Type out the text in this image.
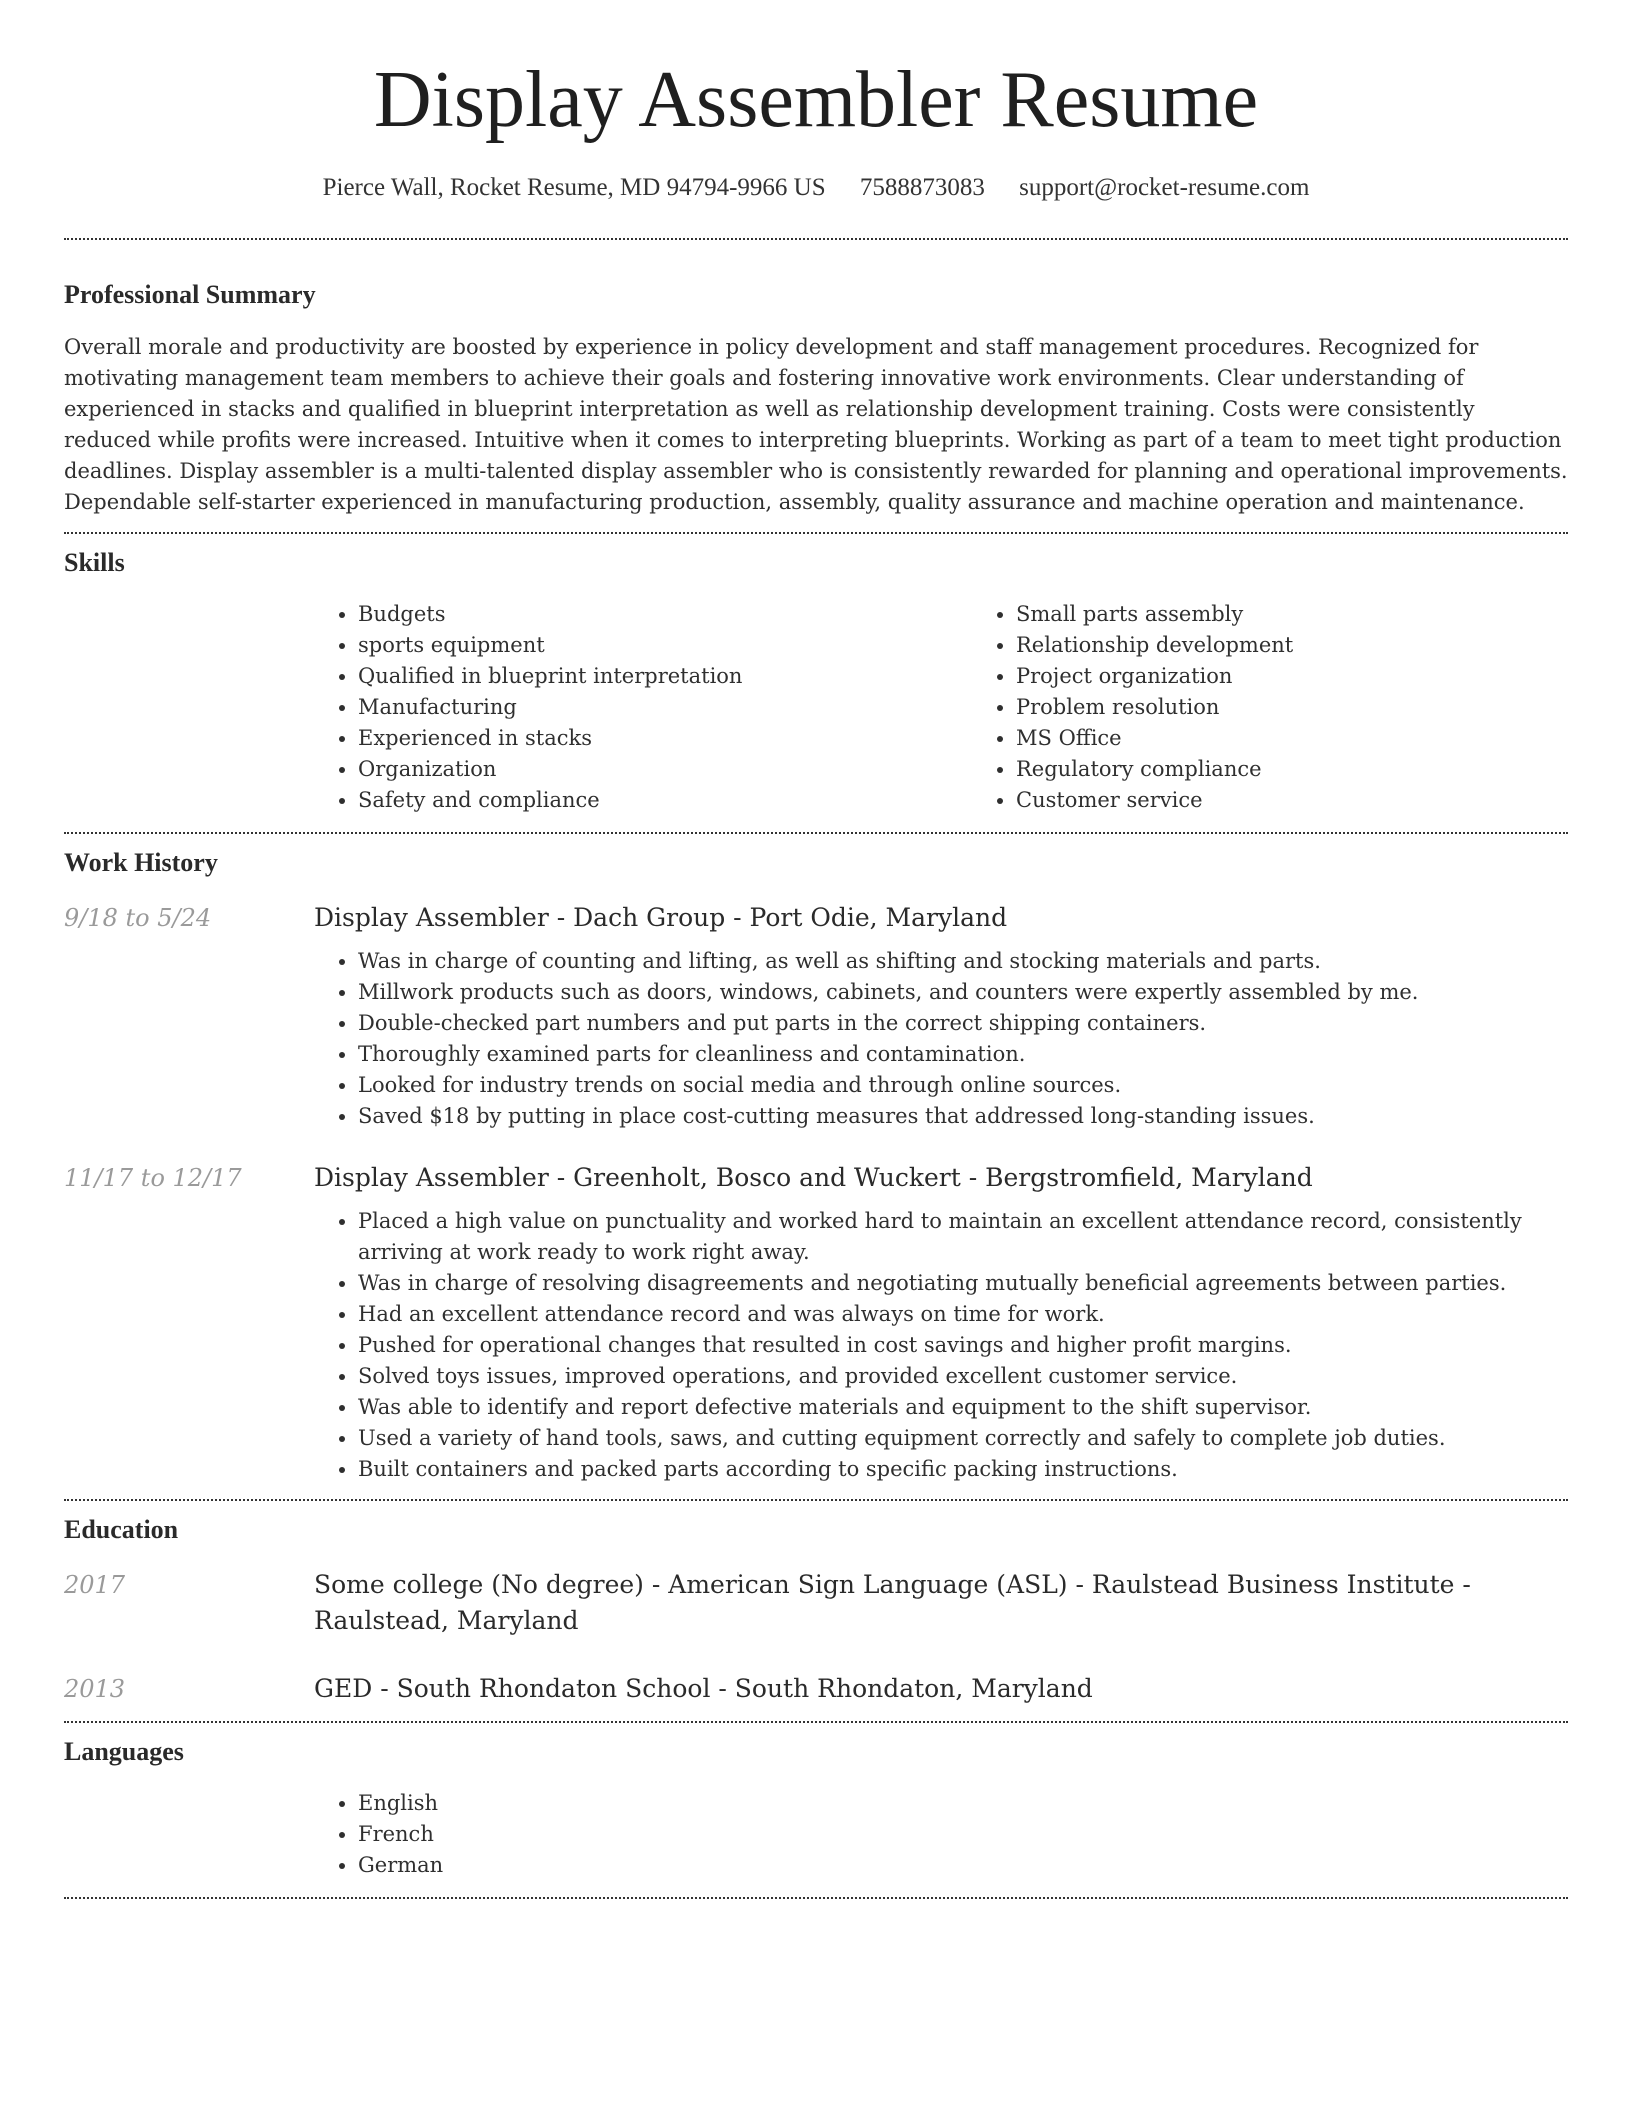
Display Assembler Resume
Pierce Wall, Rocket Resume, MD 94794-9966 US 7588873083 support@rocket-resume.com
Professional Summary

Overall morale and productivity are boosted by experience in policy development and staff management procedures. Recognized for motivating management team members to achieve their goals and fostering innovative work environments. Clear understanding of experienced in stacks and qualified in blueprint interpretation as well as relationship development training. Costs were consistently reduced while profits were increased. Intuitive when it comes to interpreting blueprints. Working as part of a team to meet tight production deadlines. Display assembler is a multi-talented display assembler who is consistently rewarded for planning and operational improvements. Dependable self-starter experienced in manufacturing production, assembly, quality assurance and machine operation and maintenance.

Skills
• Budgets
• sports equipment
• Qualified in blueprint interpretation
• Manufacturing
• Experienced in stacks
• Organization
• Safety and compliance
• Small parts assembly
• Relationship development
• Project organization
• Problem resolution
• MS Office
• Regulatory compliance
• Customer service
Work History
9/18 to 5/24	Display Assembler - Dach Group - Port Odie, Maryland
• Was in charge of counting and lifting, as well as shifting and stocking materials and parts.
• Millwork products such as doors, windows, cabinets, and counters were expertly assembled by me.
• Double-checked part numbers and put parts in the correct shipping containers.
• Thoroughly examined parts for cleanliness and contamination.
• Looked for industry trends on social media and through online sources.
• Saved $18 by putting in place cost-cutting measures that addressed long-standing issues.
11/17 to 12/17	Display Assembler - Greenholt, Bosco and Wuckert - Bergstromfield, Maryland
• Placed a high value on punctuality and worked hard to maintain an excellent attendance record, consistently arriving at work ready to work right away.
• Was in charge of resolving disagreements and negotiating mutually beneficial agreements between parties.
• Had an excellent attendance record and was always on time for work.
• Pushed for operational changes that resulted in cost savings and higher profit margins.
• Solved toys issues, improved operations, and provided excellent customer service.
• Was able to identify and report defective materials and equipment to the shift supervisor.
• Used a variety of hand tools, saws, and cutting equipment correctly and safely to complete job duties.
• Built containers and packed parts according to specific packing instructions.
Education
2017	Some college (No degree) - American Sign Language (ASL) - Raulstead Business Institute - Raulstead, Maryland
2013	GED - South Rhondaton School - South Rhondaton, Maryland
Languages
• English
• French
• German
